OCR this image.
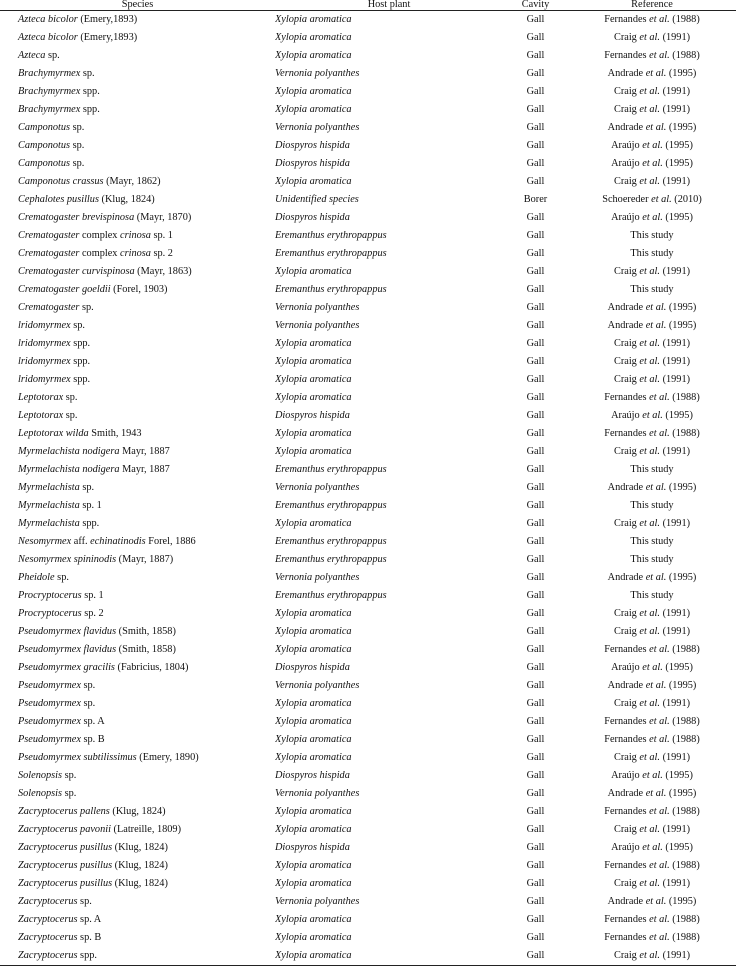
Species	Host plant	Cavity	Reference
Azteca bicolor (Emery,1893)	Xylopia aromatica	Gall	Fernandes et al. (1988)
Azteca bicolor (Emery,1893)	Xylopia aromatica	Gall	Craig et al. (1991)
Azteca sp.	Xylopia aromatica	Gall	Fernandes et al. (1988)
Brachymyrmex sp.	Vernonia polyanthes	Gall	Andrade et al. (1995)
Brachymyrmex spp.	Xylopia aromatica	Gall	Craig et al. (1991)
Brachymyrmex spp.	Xylopia aromatica	Gall	Craig et al. (1991)
Camponotus sp.	Vernonia polyanthes	Gall	Andrade et al. (1995)
Camponotus sp.	Diospyros hispida	Gall	Araújo et al. (1995)
Camponotus sp.	Diospyros hispida	Gall	Araújo et al. (1995)
Camponotus crassus (Mayr, 1862)	Xylopia aromatica	Gall	Craig et al. (1991)
Cephalotes pusillus (Klug, 1824)	Unidentified species	Borer	Schoereder et al. (2010)
Crematogaster brevispinosa (Mayr, 1870)	Diospyros hispida	Gall	Araújo et al. (1995)
Crematogaster complex crinosa sp. 1	Eremanthus erythropappus	Gall	This study
Crematogaster complex crinosa sp. 2	Eremanthus erythropappus	Gall	This study
Crematogaster curvispinosa (Mayr, 1863)	Xylopia aromatica	Gall	Craig et al. (1991)
Crematogaster goeldii (Forel, 1903)	Eremanthus erythropappus	Gall	This study
Crematogaster sp.	Vernonia polyanthes	Gall	Andrade et al. (1995)
lridomyrmex sp.	Vernonia polyanthes	Gall	Andrade et al. (1995)
lridomyrmex spp.	Xylopia aromatica	Gall	Craig et al. (1991)
lridomyrmex spp.	Xylopia aromatica	Gall	Craig et al. (1991)
lridomyrmex spp.	Xylopia aromatica	Gall	Craig et al. (1991)
Leptotorax sp.	Xylopia aromatica	Gall	Fernandes et al. (1988)
Leptotorax sp.	Diospyros hispida	Gall	Araújo et al. (1995)
Leptotorax wilda Smith, 1943	Xylopia aromatica	Gall	Fernandes et al. (1988)
Myrmelachista nodigera Mayr, 1887	Xylopia aromatica	Gall	Craig et al. (1991)
Myrmelachista nodigera Mayr, 1887	Eremanthus erythropappus	Gall	This study
Myrmelachista sp.	Vernonia polyanthes	Gall	Andrade et al. (1995)
Myrmelachista sp. 1	Eremanthus erythropappus	Gall	This study
Myrmelachista spp.	Xylopia aromatica	Gall	Craig et al. (1991)
Nesomyrmex aff. echinatinodis Forel, 1886	Eremanthus erythropappus	Gall	This study
Nesomyrmex spininodis (Mayr, 1887)	Eremanthus erythropappus	Gall	This study
Pheidole sp.	Vernonia polyanthes	Gall	Andrade et al. (1995)
Procryptocerus sp. 1	Eremanthus erythropappus	Gall	This study
Procryptocerus sp. 2	Xylopia aromatica	Gall	Craig et al. (1991)
Pseudomyrmex flavidus (Smith, 1858)	Xylopia aromatica	Gall	Craig et al. (1991)
Pseudomyrmex flavidus (Smith, 1858)	Xylopia aromatica	Gall	Fernandes et al. (1988)
Pseudomyrmex gracilis (Fabricius, 1804)	Diospyros hispida	Gall	Araújo et al. (1995)
Pseudomyrmex sp.	Vernonia polyanthes	Gall	Andrade et al. (1995)
Pseudomyrmex sp.	Xylopia aromatica	Gall	Craig et al. (1991)
Pseudomyrmex sp. A	Xylopia aromatica	Gall	Fernandes et al. (1988)
Pseudomyrmex sp. B	Xylopia aromatica	Gall	Fernandes et al. (1988)
Pseudomyrmex subtilissimus (Emery, 1890)	Xylopia aromatica	Gall	Craig et al. (1991)
Solenopsis sp.	Diospyros hispida	Gall	Araújo et al. (1995)
Solenopsis sp.	Vernonia polyanthes	Gall	Andrade et al. (1995)
Zacryptocerus pallens (Klug, 1824)	Xylopia aromatica	Gall	Fernandes et al. (1988)
Zacryptocerus pavonii (Latreille, 1809)	Xylopia aromatica	Gall	Craig et al. (1991)
Zacryptocerus pusillus (Klug, 1824)	Diospyros hispida	Gall	Araújo et al. (1995)
Zacryptocerus pusillus (Klug, 1824)	Xylopia aromatica	Gall	Fernandes et al. (1988)
Zacryptocerus pusillus (Klug, 1824)	Xylopia aromatica	Gall	Craig et al. (1991)
Zacryptocerus sp.	Vernonia polyanthes	Gall	Andrade et al. (1995)
Zacryptocerus sp. A	Xylopia aromatica	Gall	Fernandes et al. (1988)
Zacryptocerus sp. B	Xylopia aromatica	Gall	Fernandes et al. (1988)
Zacryptocerus spp.	Xylopia aromatica	Gall	Craig et al. (1991)
